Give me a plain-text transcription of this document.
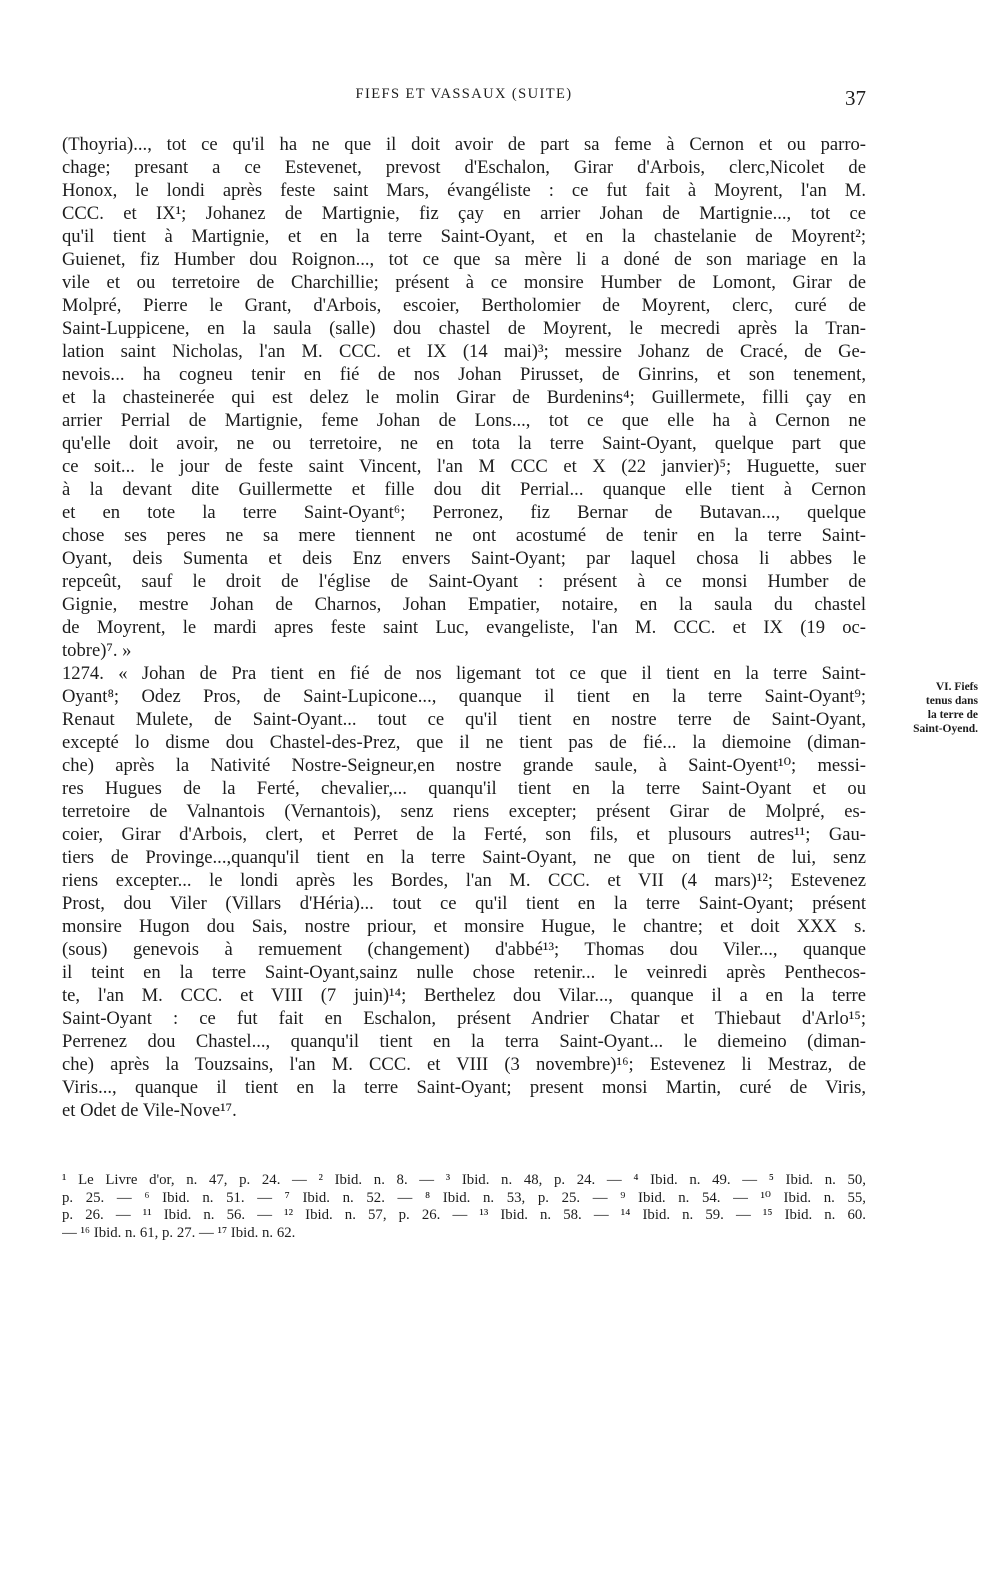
FIEFS ET VASSAUX (SUITE)	37
(Thoyria)..., tot ce qu'il ha ne que il doit avoir de part sa feme à Cernon et ou parro-
chage; presant a ce Estevenet, prevost d'Eschalon, Girar d'Arbois, clerc,Nicolet de
Honox, le londi après feste saint Mars, évangéliste : ce fut fait à Moyrent, l'an M.
CCC. et IX¹; Johanez de Martignie, fiz çay en arrier Johan de Martignie..., tot ce
qu'il tient à Martignie, et en la terre Saint-Oyant, et en la chastelanie de Moyrent²;
Guienet, fiz Humber dou Roignon..., tot ce que sa mère li a doné de son mariage en la
vile et ou terretoire de Charchillie; présent à ce monsire Humber de Lomont, Girar de
Molpré, Pierre le Grant, d'Arbois, escoier, Bertholomier de Moyrent, clerc, curé de
Saint-Luppicene, en la saula (salle) dou chastel de Moyrent, le mecredi après la Tran-
lation saint Nicholas, l'an M. CCC. et IX (14 mai)³; messire Johanz de Cracé, de Ge-
nevois... ha cogneu tenir en fié de nos Johan Pirusset, de Ginrins, et son tenement,
et la chasteinerée qui est delez le molin Girar de Burdenins⁴; Guillermete, filli çay en
arrier Perrial de Martignie, feme Johan de Lons..., tot ce que elle ha à Cernon ne
qu'elle doit avoir, ne ou terretoire, ne en tota la terre Saint-Oyant, quelque part que
ce soit... le jour de feste saint Vincent, l'an M CCC et X (22 janvier)⁵; Huguette, suer
à la devant dite Guillermette et fille dou dit Perrial... quanque elle tient à Cernon
et en tote la terre Saint-Oyant⁶; Perronez, fiz Bernar de Butavan..., quelque
chose ses peres ne sa mere tiennent ne ont acostumé de tenir en la terre Saint-
Oyant, deis Sumenta et deis Enz envers Saint-Oyant; par laquel chosa li abbes le
repceût, sauf le droit de l'église de Saint-Oyant : présent à ce monsi Humber de
Gignie, mestre Johan de Charnos, Johan Empatier, notaire, en la saula du chastel
de Moyrent, le mardi apres feste saint Luc, evangeliste, l'an M. CCC. et IX (19 oc-
tobre)⁷. »
1274. « Johan de Pra tient en fié de nos ligemant tot ce que il tient en la terre Saint-
Oyant⁸; Odez Pros, de Saint-Lupicone..., quanque il tient en la terre Saint-Oyant⁹;
Renaut Mulete, de Saint-Oyant... tout ce qu'il tient en nostre terre de Saint-Oyant,
excepté lo disme dou Chastel-des-Prez, que il ne tient pas de fié... la diemoine (diman-
che) après la Nativité Nostre-Seigneur,en nostre grande saule, à Saint-Oyent¹⁰; messi-
res Hugues de la Ferté, chevalier,... quanqu'il tient en la terre Saint-Oyant et ou
terretoire de Valnantois (Vernantois), senz riens excepter; présent Girar de Molpré, es-
coier, Girar d'Arbois, clert, et Perret de la Ferté, son fils, et plusours autres¹¹; Gau-
tiers de Provinge...,quanqu'il tient en la terre Saint-Oyant, ne que on tient de lui, senz
riens excepter... le londi après les Bordes, l'an M. CCC. et VII (4 mars)¹²; Estevenez
Prost, dou Viler (Villars d'Héria)... tout ce qu'il tient en la terre Saint-Oyant; présent
monsire Hugon dou Sais, nostre priour, et monsire Hugue, le chantre; et doit XXX s.
(sous) genevois à remuement (changement) d'abbé¹³; Thomas dou Viler..., quanque
il teint en la terre Saint-Oyant,sainz nulle chose retenir... le veinredi après Penthecos-
te, l'an M. CCC. et VIII (7 juin)¹⁴; Berthelez dou Vilar..., quanque il a en la terre
Saint-Oyant : ce fut fait en Eschalon, présent Andrier Chatar et Thiebaut d'Arlo¹⁵;
Perrenez dou Chastel..., quanqu'il tient en la terra Saint-Oyant... le diemeino (diman-
che) après la Touzsains, l'an M. CCC. et VIII (3 novembre)¹⁶; Estevenez li Mestraz, de
Viris..., quanque il tient en la terre Saint-Oyant; present monsi Martin, curé de Viris,
et Odet de Vile-Nove¹⁷.
VI. Fiefs
tenus dans
la terre de
Saint-Oyend.
¹ Le Livre d'or, n. 47, p. 24. — ² Ibid. n. 8. — ³ Ibid. n. 48, p. 24. — ⁴ Ibid. n. 49. — ⁵ Ibid. n. 50,
p. 25. — ⁶ Ibid. n. 51. — ⁷ Ibid. n. 52. — ⁸ Ibid. n. 53, p. 25. — ⁹ Ibid. n. 54. — ¹⁰ Ibid. n. 55,
p. 26. — ¹¹ Ibid. n. 56. — ¹² Ibid. n. 57, p. 26. — ¹³ Ibid. n. 58. — ¹⁴ Ibid. n. 59. — ¹⁵ Ibid. n. 60.
— ¹⁶ Ibid. n. 61, p. 27. — ¹⁷ Ibid. n. 62.
